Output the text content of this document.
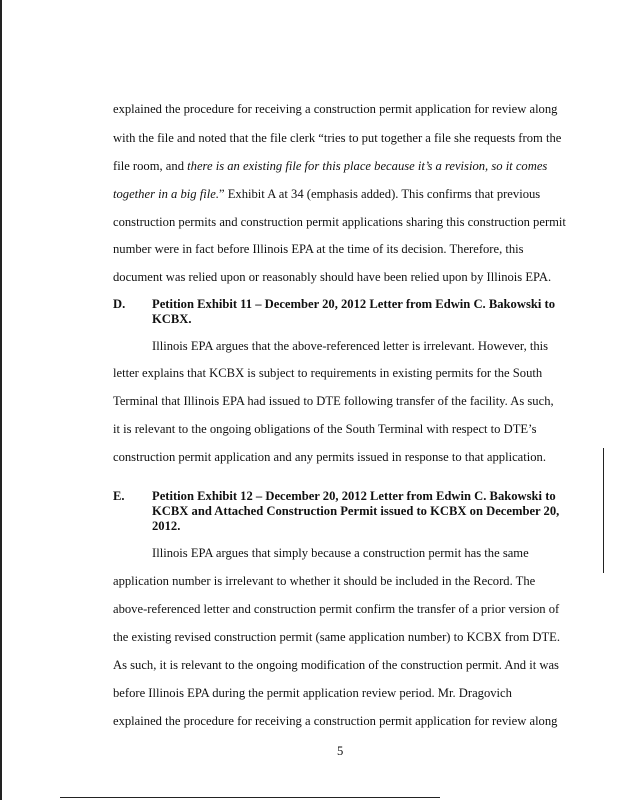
explained the procedure for receiving a construction permit application for review along
with the file and noted that the file clerk “tries to put together a file she requests from the
file room, and there is an existing file for this place because it’s a revision, so it comes
together in a big file.” Exhibit A at 34 (emphasis added). This confirms that previous
construction permits and construction permit applications sharing this construction permit
number were in fact before Illinois EPA at the time of its decision. Therefore, this
document was relied upon or reasonably should have been relied upon by Illinois EPA.
D. Petition Exhibit 11 – December 20, 2012 Letter from Edwin C. Bakowski to
KCBX.
Illinois EPA argues that the above-referenced letter is irrelevant. However, this
letter explains that KCBX is subject to requirements in existing permits for the South
Terminal that Illinois EPA had issued to DTE following transfer of the facility. As such,
it is relevant to the ongoing obligations of the South Terminal with respect to DTE’s
construction permit application and any permits issued in response to that application.
E. Petition Exhibit 12 – December 20, 2012 Letter from Edwin C. Bakowski to
KCBX and Attached Construction Permit issued to KCBX on December 20,
2012.
Illinois EPA argues that simply because a construction permit has the same
application number is irrelevant to whether it should be included in the Record. The
above-referenced letter and construction permit confirm the transfer of a prior version of
the existing revised construction permit (same application number) to KCBX from DTE.
As such, it is relevant to the ongoing modification of the construction permit. And it was
before Illinois EPA during the permit application review period. Mr. Dragovich
explained the procedure for receiving a construction permit application for review along
5
